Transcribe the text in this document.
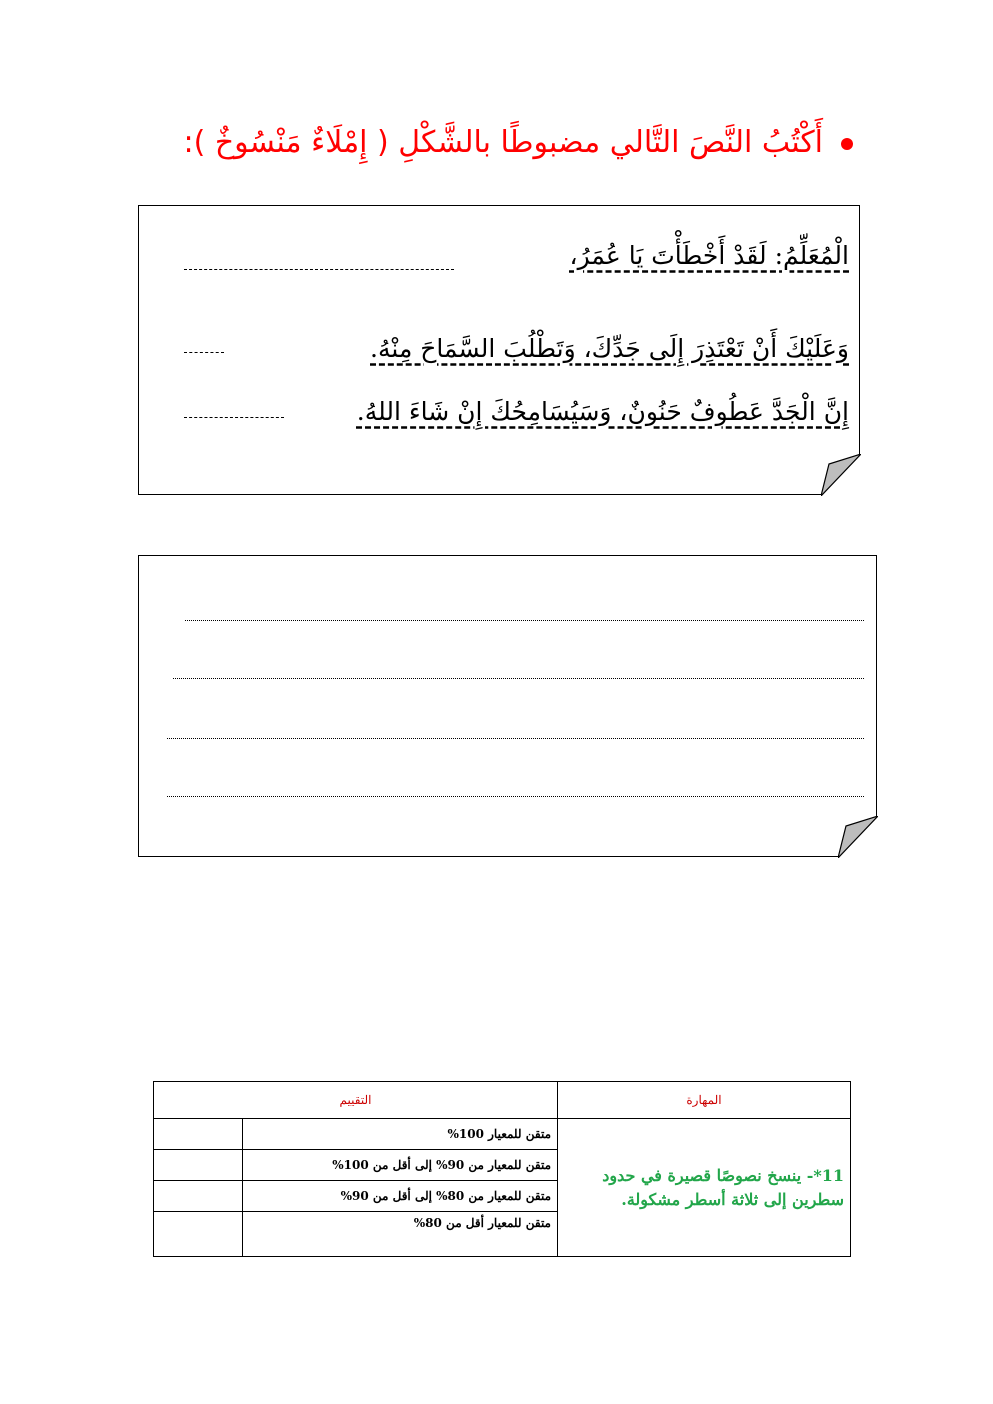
أَكْتُبُ النَّصَ التَّالي مضبوطًا بالشَّكْلِ ( إِمْلَاءٌ مَنْسُوخٌ ):
الْمُعَلِّمُ: لَقَدْ أَخْطَأْتَ يَا عُمَرُ،
وَعَلَيْكَ أَنْ تَعْتَذِرَ إِلَى جَدِّكَ، وَتَطْلُبَ السَّمَاحَ مِنْهُ.
إِنَّ الْجَدَّ عَطُوفٌ حَنُونٌ، وَسَيُسَامِحُكَ إِنْ شَاءَ اللهُ.
المهارة	التقييم	
11*- ينسخ نصوصًا قصيرة في حدود سطرين إلى ثلاثة أسطر مشكولة.	متقن للمعيار 100%	
	متقن للمعيار من 90% إلى أقل من 100%	
	متقن للمعيار من 80% إلى أقل من 90%	
	متقن للمعيار أقل من 80%	
